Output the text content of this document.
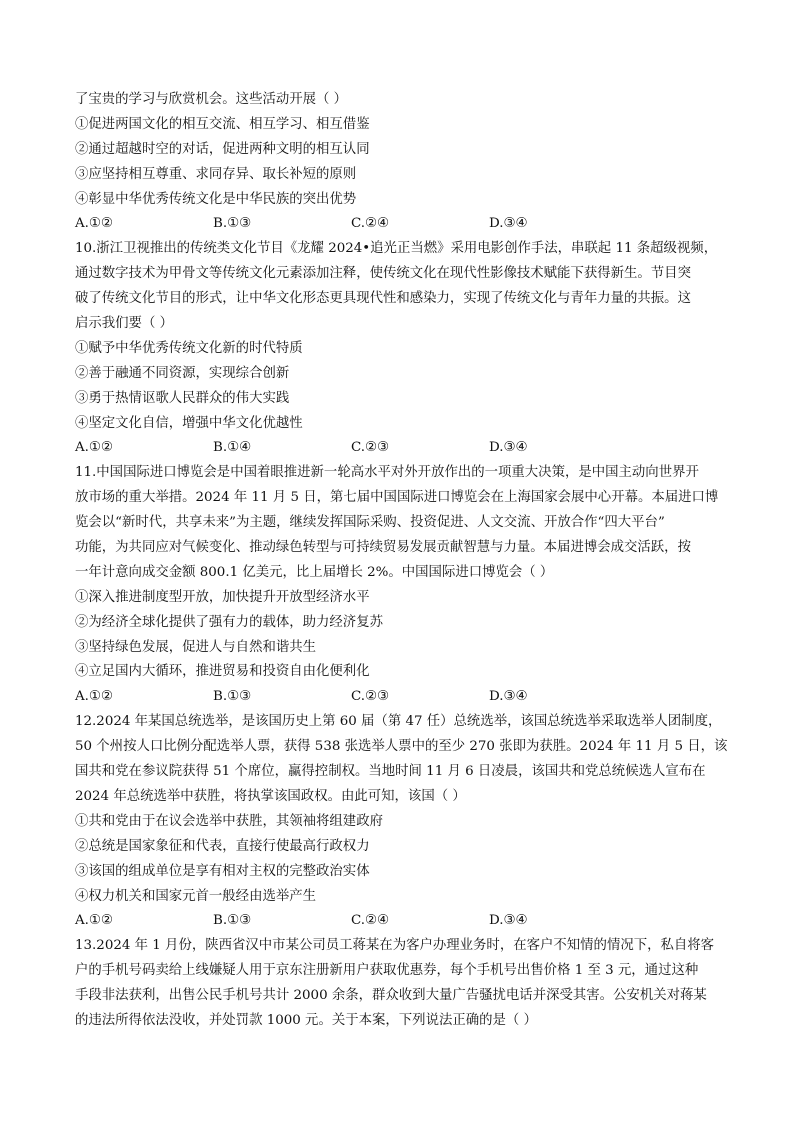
了宝贵的学习与欣赏机会。这些活动开展（ ）
①促进两国文化的相互交流、相互学习、相互借鉴
②通过超越时空的对话，促进两种文明的相互认同
③应坚持相互尊重、求同存异、取长补短的原则
④彰显中华优秀传统文化是中华民族的突出优势
A.①②	B.①③	C.②④	D.③④
10.浙江卫视推出的传统类文化节目《龙耀 2024•追光正当燃》采用电影创作手法，串联起 11 条超级视频，
通过数字技术为甲骨文等传统文化元素添加注释，使传统文化在现代性影像技术赋能下获得新生。节目突
破了传统文化节目的形式，让中华文化形态更具现代性和感染力，实现了传统文化与青年力量的共振。这
启示我们要（ ）
①赋予中华优秀传统文化新的时代特质
②善于融通不同资源，实现综合创新
③勇于热情讴歌人民群众的伟大实践
④坚定文化自信，增强中华文化优越性
A.①②	B.①④	C.②③	D.③④
11.中国国际进口博览会是中国着眼推进新一轮高水平对外开放作出的一项重大决策，是中国主动向世界开
放市场的重大举措。2024 年 11 月 5 日，第七届中国国际进口博览会在上海国家会展中心开幕。本届进口博
览会以“新时代，共享未来”为主题，继续发挥国际采购、投资促进、人文交流、开放合作“四大平台”
功能，为共同应对气候变化、推动绿色转型与可持续贸易发展贡献智慧与力量。本届进博会成交活跃，按
一年计意向成交金额 800.1 亿美元，比上届增长 2%。中国国际进口博览会（ ）
①深入推进制度型开放，加快提升开放型经济水平
②为经济全球化提供了强有力的载体，助力经济复苏
③坚持绿色发展，促进人与自然和谐共生
④立足国内大循环，推进贸易和投资自由化便利化
A.①②	B.①③	C.②③	D.③④
12.2024 年某国总统选举，是该国历史上第 60 届（第 47 任）总统选举，该国总统选举采取选举人团制度，
50 个州按人口比例分配选举人票，获得 538 张选举人票中的至少 270 张即为获胜。2024 年 11 月 5 日，该
国共和党在参议院获得 51 个席位，赢得控制权。当地时间 11 月 6 日凌晨，该国共和党总统候选人宣布在
2024 年总统选举中获胜，将执掌该国政权。由此可知，该国（ ）
①共和党由于在议会选举中获胜，其领袖将组建政府
②总统是国家象征和代表，直接行使最高行政权力
③该国的组成单位是享有相对主权的完整政治实体
④权力机关和国家元首一般经由选举产生
A.①②	B.①③	C.②④	D.③④
13.2024 年 1 月份，陕西省汉中市某公司员工蒋某在为客户办理业务时，在客户不知情的情况下，私自将客
户的手机号码卖给上线嫌疑人用于京东注册新用户获取优惠券，每个手机号出售价格 1 至 3 元，通过这种
手段非法获利，出售公民手机号共计 2000 余条，群众收到大量广告骚扰电话并深受其害。公安机关对蒋某
的违法所得依法没收，并处罚款 1000 元。关于本案，下列说法正确的是（ ）
